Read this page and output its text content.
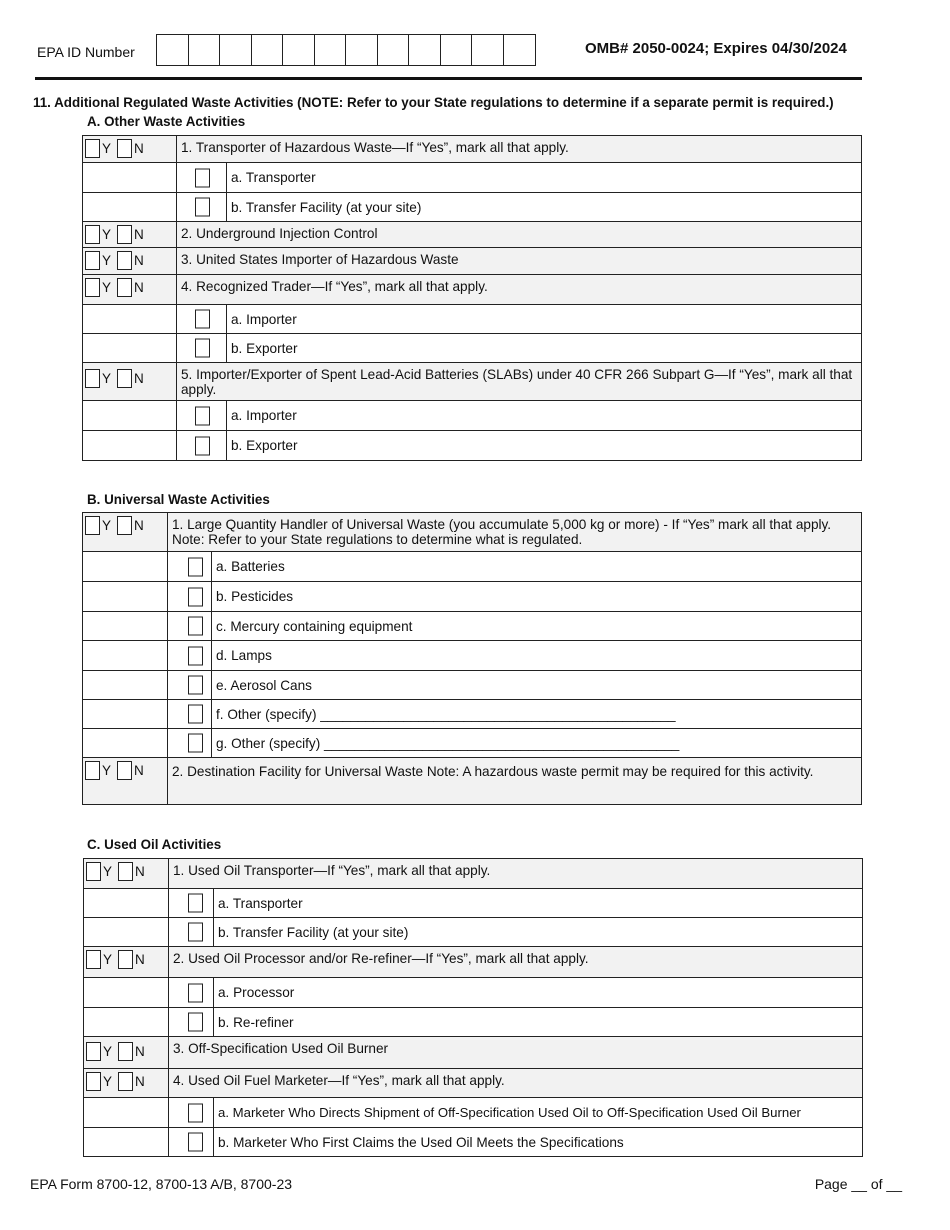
EPA ID Number	OMB# 2050-0024; Expires 04/30/2024
11. Additional Regulated Waste Activities (NOTE: Refer to your State regulations to determine if a separate permit is required.)
A. Other Waste Activities
Y N	1. Transporter of Hazardous Waste—If “Yes”, mark all that apply.	

	a. Transporter

	b. Transfer Facility (at your site)

Y N	2. Underground Injection Control	

Y N	3. United States Importer of Hazardous Waste	

Y N	4. Recognized Trader—If “Yes”, mark all that apply.	

	a. Importer

	b. Exporter

Y N	5. Importer/Exporter of Spent Lead-Acid Batteries (SLABs) under 40 CFR 266 Subpart G—If “Yes”, mark all that apply.	

	a. Importer

	b. Exporter
B. Universal Waste Activities
Y N	1. Large Quantity Handler of Universal Waste (you accumulate 5,000 kg or more) - If “Yes” mark all that apply. Note: Refer to your State regulations to determine what is regulated.	

	a. Batteries

	b. Pesticides

	c. Mercury containing equipment

	d. Lamps

	e. Aerosol Cans

	f. Other (specify) _______________________________________________

	g. Other (specify) _______________________________________________

Y N	2. Destination Facility for Universal Waste Note: A hazardous waste permit may be required for this activity.	
C. Used Oil Activities
Y N	1. Used Oil Transporter—If “Yes”, mark all that apply.	

	a. Transporter

	b. Transfer Facility (at your site)

Y N	2. Used Oil Processor and/or Re-refiner—If “Yes”, mark all that apply.	

	a. Processor

	b. Re-refiner

Y N	3. Off-Specification Used Oil Burner	

Y N	4. Used Oil Fuel Marketer—If “Yes”, mark all that apply.	

	a. Marketer Who Directs Shipment of Off-Specification Used Oil to Off-Specification Used Oil Burner

	b. Marketer Who First Claims the Used Oil Meets the Specifications
EPA Form 8700-12, 8700-13 A/B, 8700-23	Page __ of __
